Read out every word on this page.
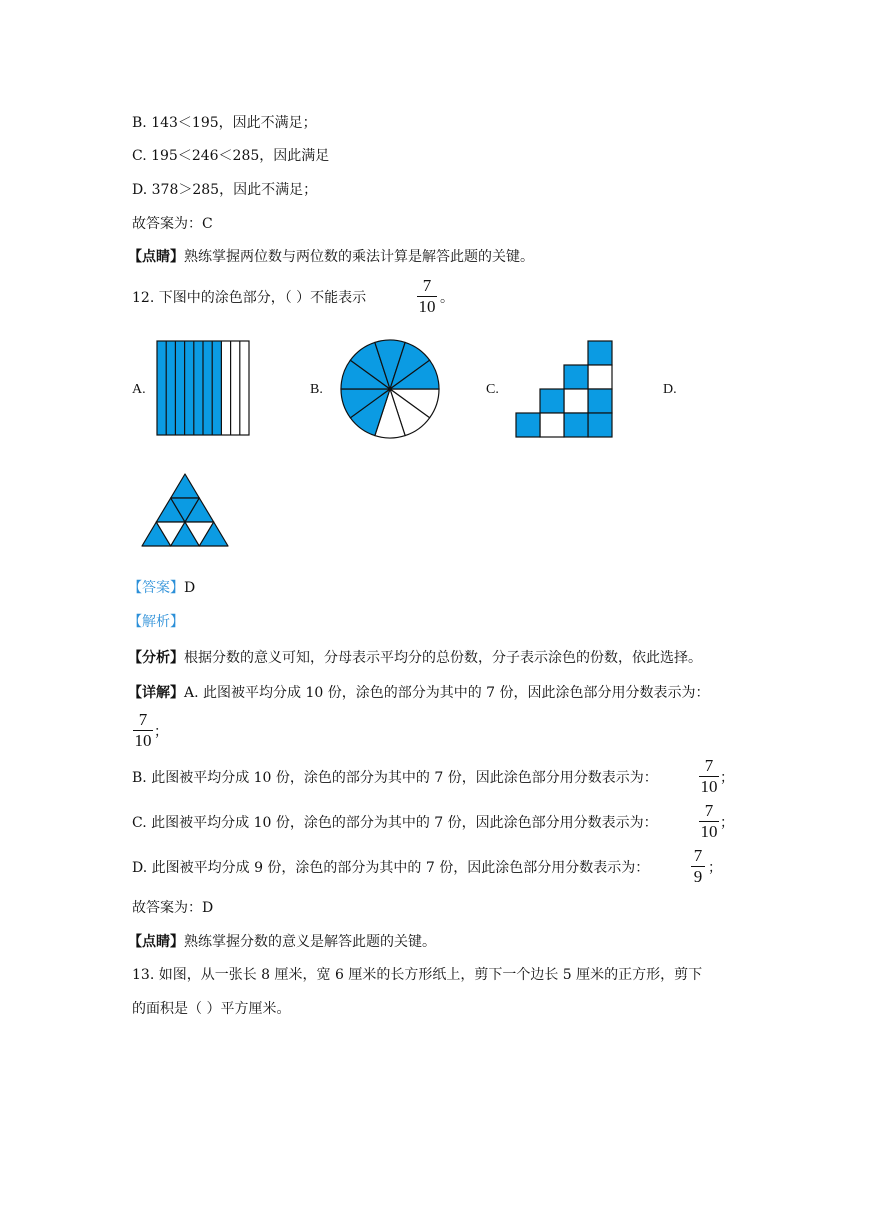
B. 143＜195，因此不满足；
C. 195＜246＜285，因此满足
D. 378＞285，因此不满足；
故答案为：C
【点睛】熟练掌握两位数与两位数的乘法计算是解答此题的关键。
12. 下图中的涂色部分，（ ）不能表示
7
10 。
A.	B.	C.	D.
【答案】D
【解析】
【分析】根据分数的意义可知，分母表示平均分的总份数，分子表示涂色的份数，依此选择。
【详解】A. 此图被平均分成 10 份，涂色的部分为其中的 7 份，因此涂色部分用分数表示为：
7
10 ；
B. 此图被平均分成 10 份，涂色的部分为其中的 7 份，因此涂色部分用分数表示为：
7
10 ；
C. 此图被平均分成 10 份，涂色的部分为其中的 7 份，因此涂色部分用分数表示为：
7
10 ；
D. 此图被平均分成 9 份，涂色的部分为其中的 7 份，因此涂色部分用分数表示为：
7
9 ；
故答案为：D
【点睛】熟练掌握分数的意义是解答此题的关键。
13. 如图，从一张长 8 厘米，宽 6 厘米的长方形纸上，剪下一个边长 5 厘米的正方形，剪下
的面积是（ ）平方厘米。
